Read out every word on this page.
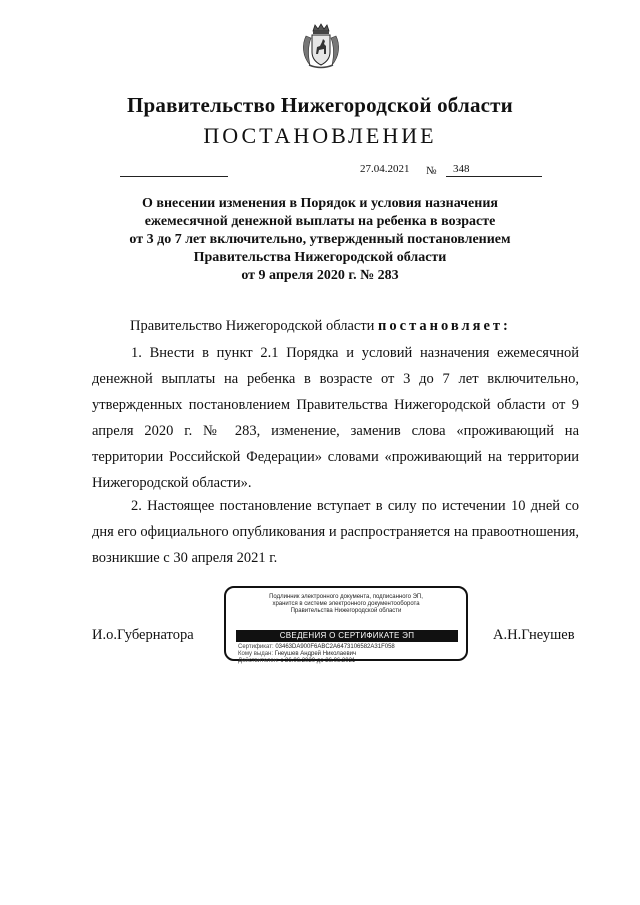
Правительство Нижегородской области
ПОСТАНОВЛЕНИЕ
27.04.2021 № 348
О внесении изменения в Порядок и условия назначения
ежемесячной денежной выплаты на ребенка в возрасте
от 3 до 7 лет включительно, утвержденный постановлением
Правительства Нижегородской области
от 9 апреля 2020 г. № 283
Правительство Нижегородской области постановляет:
1. Внести в пункт 2.1 Порядка и условий назначения ежемесячной денежной выплаты на ребенка в возрасте от 3 до 7 лет включительно, утвержденных постановлением Правительства Нижегородской области от 9 апреля 2020 г. № 283, изменение, заменив слова «проживающий на территории Российской Федерации» словами «проживающий на территории Нижегородской области».
2. Настоящее постановление вступает в силу по истечении 10 дней со дня его официального опубликования и распространяется на правоотношения, возникшие с 30 апреля 2021 г.
И.о.Губернатора	А.Н.Гнеушев
Подлинник электронного документа, подписанного ЭП,
хранится в системе электронного документооборота
Правительства Нижегородской области
СВЕДЕНИЯ О СЕРТИФИКАТЕ ЭП
Сертификат: 03463DA900F6ABC2A6473106582A31F058
Кому выдан: Гнеушев Андрей Николаевич
Действителен: с 26.06.2020 до 26.06.2021
